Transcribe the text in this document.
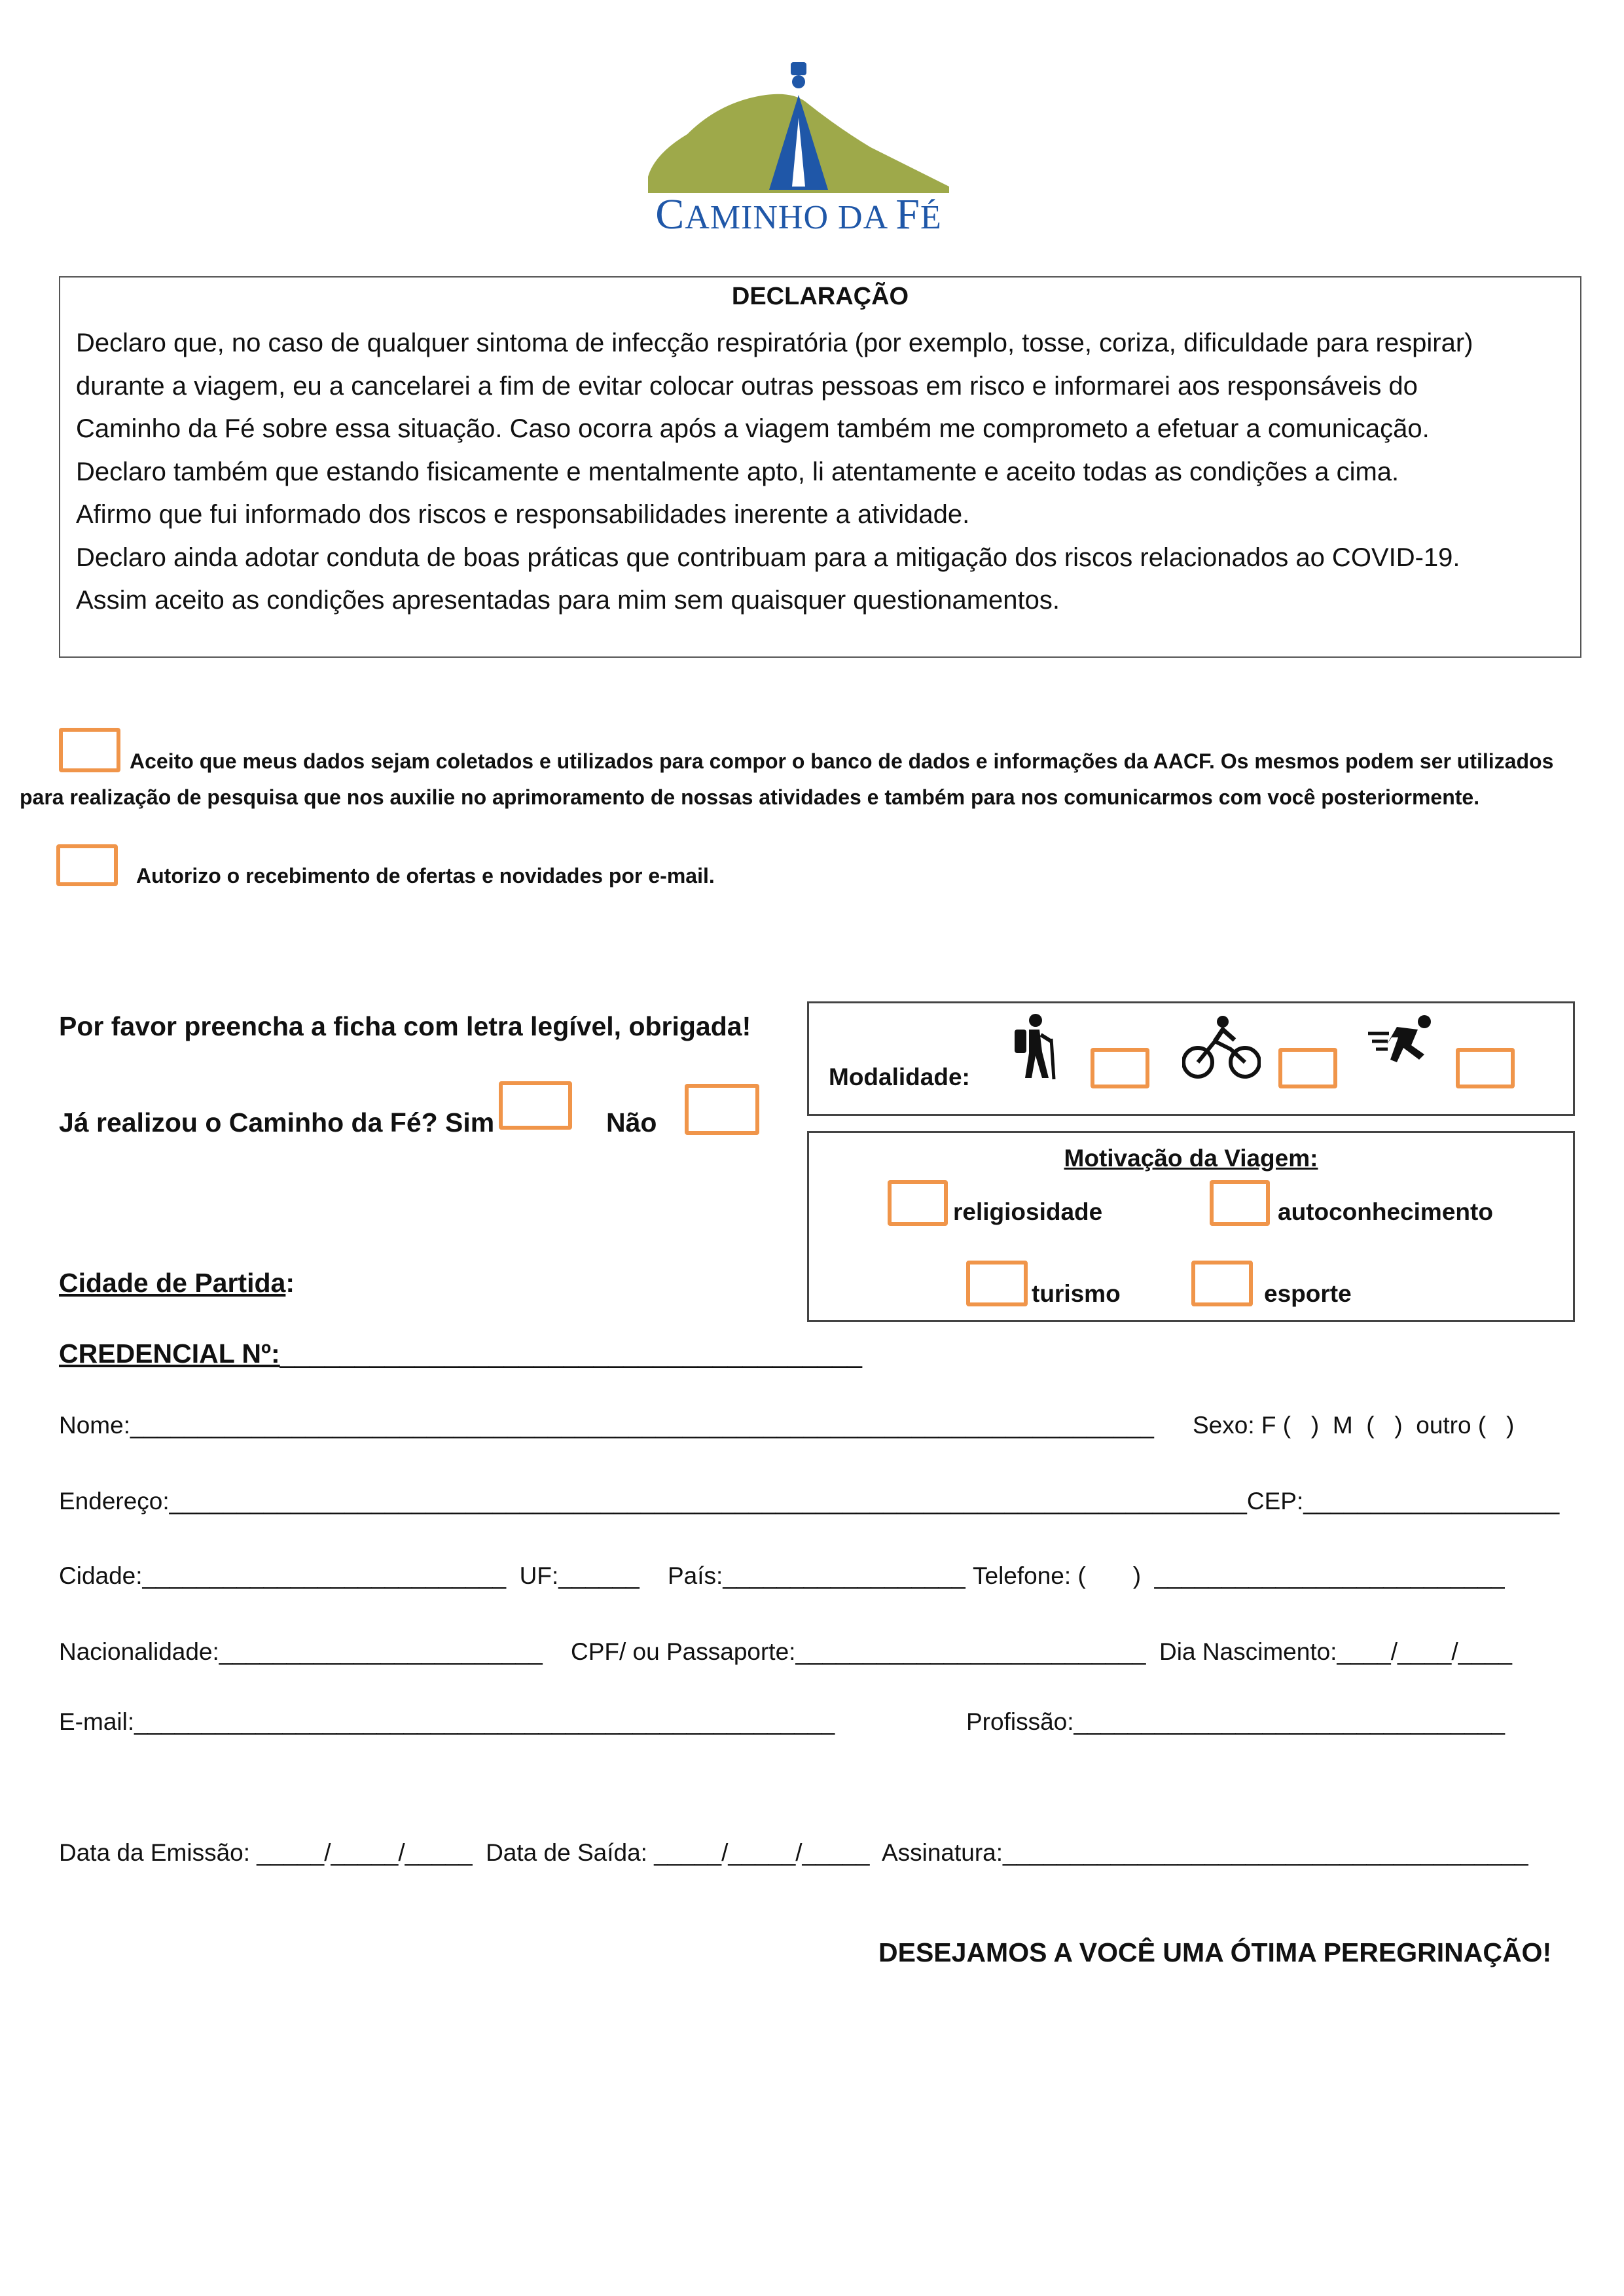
CAMINHO DA FÉ
DECLARAÇÃO
Declaro que, no caso de qualquer sintoma de infecção respiratória (por exemplo, tosse, coriza, dificuldade para respirar)
durante a viagem, eu a cancelarei a fim de evitar colocar outras pessoas em risco e informarei aos responsáveis do
Caminho da Fé sobre essa situação. Caso ocorra após a viagem também me comprometo a efetuar a comunicação.
Declaro também que estando fisicamente e mentalmente apto, li atentamente e aceito todas as condições a cima.
Afirmo que fui informado dos riscos e responsabilidades inerente a atividade.
Declaro ainda adotar conduta de boas práticas que contribuam para a mitigação dos riscos relacionados ao COVID-19.
Assim aceito as condições apresentadas para mim sem quaisquer questionamentos.
Aceito que meus dados sejam coletados e utilizados para compor o banco de dados e informações da AACF. Os mesmos podem ser utilizados
para realização de pesquisa que nos auxilie no aprimoramento de nossas atividades e também para nos comunicarmos com você posteriormente.
Autorizo o recebimento de ofertas e novidades por e-mail.
Por favor preencha a ficha com letra legível, obrigada!
Já realizou o Caminho da Fé? Sim	Não
Modalidade:
Motivação da Viagem:
religiosidade	autoconhecimento
turismo	esporte
Cidade de Partida:
CREDENCIAL Nº:_______________________________________
Nome:____________________________________________________________________________ Sexo: F (   )  M  (   )  outro (   )
Endereço:________________________________________________________________________________CEP:___________________
Cidade:___________________________  UF:______ País:__________________ Telefone: (       )  __________________________
Nacionalidade:________________________ CPF/ ou Passaporte:__________________________  Dia Nascimento:____/____/____
E-mail:____________________________________________________	Profissão:________________________________
Data da Emissão: _____/_____/_____  Data de Saída: _____/_____/_____  Assinatura:_______________________________________
DESEJAMOS A VOCÊ UMA ÓTIMA PEREGRINAÇÃO!
